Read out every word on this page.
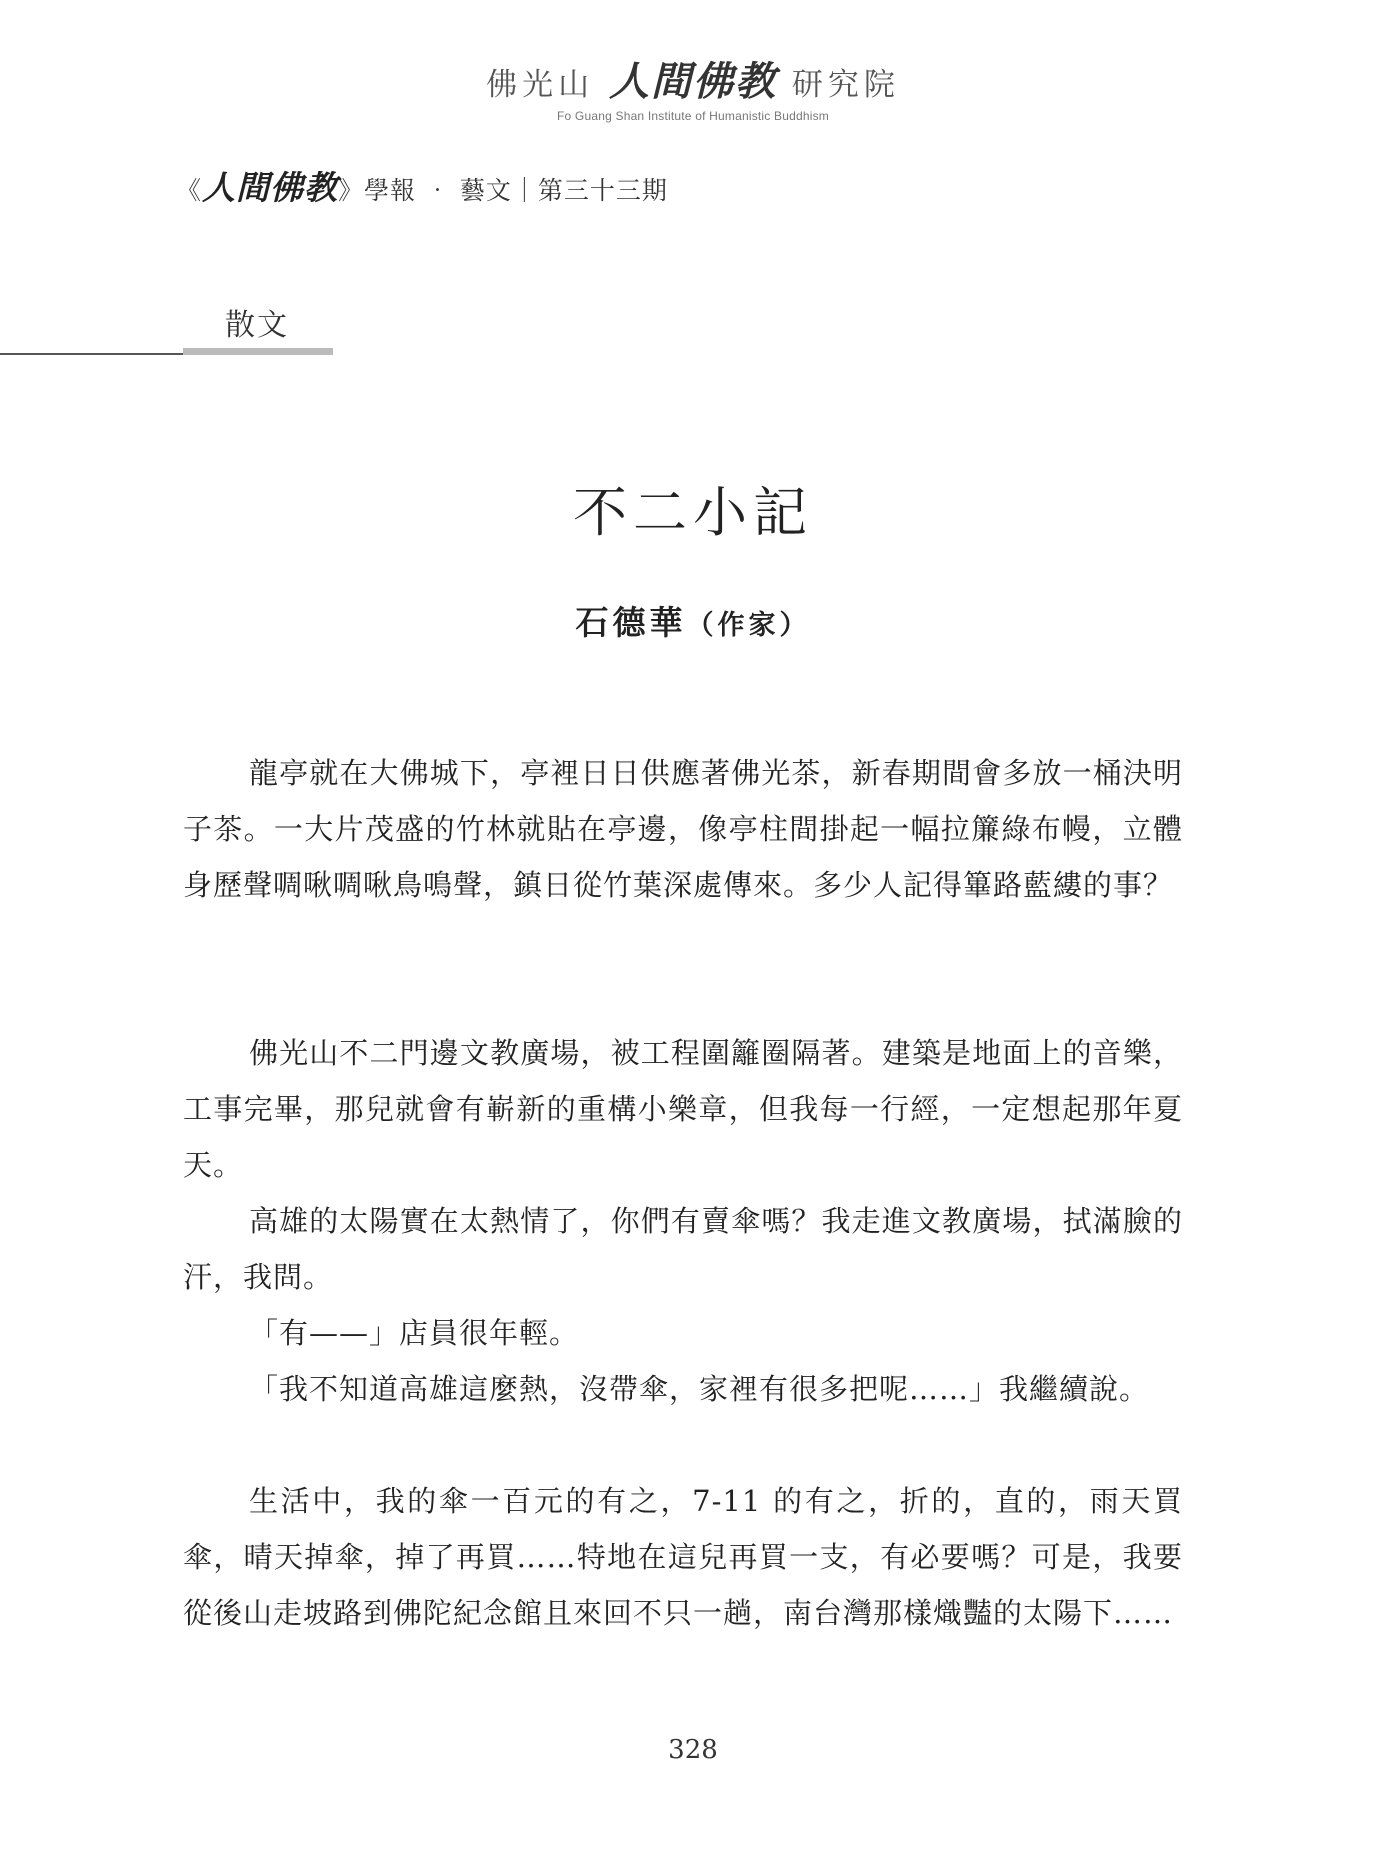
佛光山 人間佛教 研究院
Fo Guang Shan Institute of Humanistic Buddhism
《人間佛教》學報 ‧ 藝文｜第三十三期
散文
不二小記
石德華（作家）

龍亭就在大佛城下，亭裡日日供應著佛光茶，新春期間會多放一桶決明子茶。一大片茂盛的竹林就貼在亭邊，像亭柱間掛起一幅拉簾綠布幔，立體身歷聲啁啾啁啾鳥鳴聲，鎮日從竹葉深處傳來。多少人記得篳路藍縷的事？

佛光山不二門邊文教廣場，被工程圍籬圈隔著。建築是地面上的音樂，工事完畢，那兒就會有嶄新的重構小樂章，但我每一行經，一定想起那年夏天。

高雄的太陽實在太熱情了，你們有賣傘嗎？我走進文教廣場，拭滿臉的汗，我問。

「有——」店員很年輕。

「我不知道高雄這麼熱，沒帶傘，家裡有很多把呢……」我繼續說。

生活中，我的傘一百元的有之，7-11 的有之，折的，直的，雨天買傘，晴天掉傘，掉了再買……特地在這兒再買一支，有必要嗎？可是，我要從後山走坡路到佛陀紀念館且來回不只一趟，南台灣那樣熾豔的太陽下……

328
